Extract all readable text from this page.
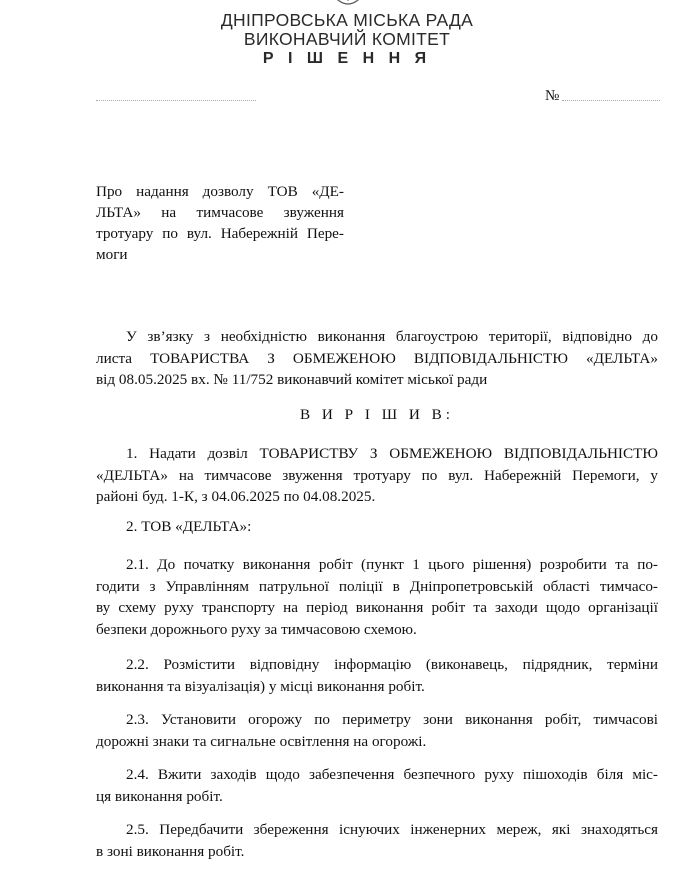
ДНІПРОВСЬКА МІСЬКА РАДА
ВИКОНАВЧИЙ КОМІТЕТ
Р І Ш Е Н Н Я
№
Про надання дозволу ТОВ «ДЕ-
ЛЬТА» на тимчасове звуження
тротуару по вул. Набережній Пере-
моги
У зв’язку з необхідністю виконання благоустрою території, відповідно до
листа ТОВАРИСТВА З ОБМЕЖЕНОЮ ВІДПОВІДАЛЬНІСТЮ «ДЕЛЬТА»
від 08.05.2025 вх. № 11/752 виконавчий комітет міської ради
В И Р І Ш И В:
1. Надати дозвіл ТОВАРИСТВУ З ОБМЕЖЕНОЮ ВІДПОВІДАЛЬНІСТЮ
«ДЕЛЬТА» на тимчасове звуження тротуару по вул. Набережній Перемоги, у
районі буд. 1-К, з 04.06.2025 по 04.08.2025.
2. ТОВ «ДЕЛЬТА»:
2.1. До початку виконання робіт (пункт 1 цього рішення) розробити та по-
годити з Управлінням патрульної поліції в Дніпропетровській області тимчасо-
ву схему руху транспорту на період виконання робіт та заходи щодо організації
безпеки дорожнього руху за тимчасовою схемою.
2.2. Розмістити відповідну інформацію (виконавець, підрядник, терміни
виконання та візуалізація) у місці виконання робіт.
2.3. Установити огорожу по периметру зони виконання робіт, тимчасові
дорожні знаки та сигнальне освітлення на огорожі.
2.4. Вжити заходів щодо забезпечення безпечного руху пішоходів біля міс-
ця виконання робіт.
2.5. Передбачити збереження існуючих інженерних мереж, які знаходяться
в зоні виконання робіт.
